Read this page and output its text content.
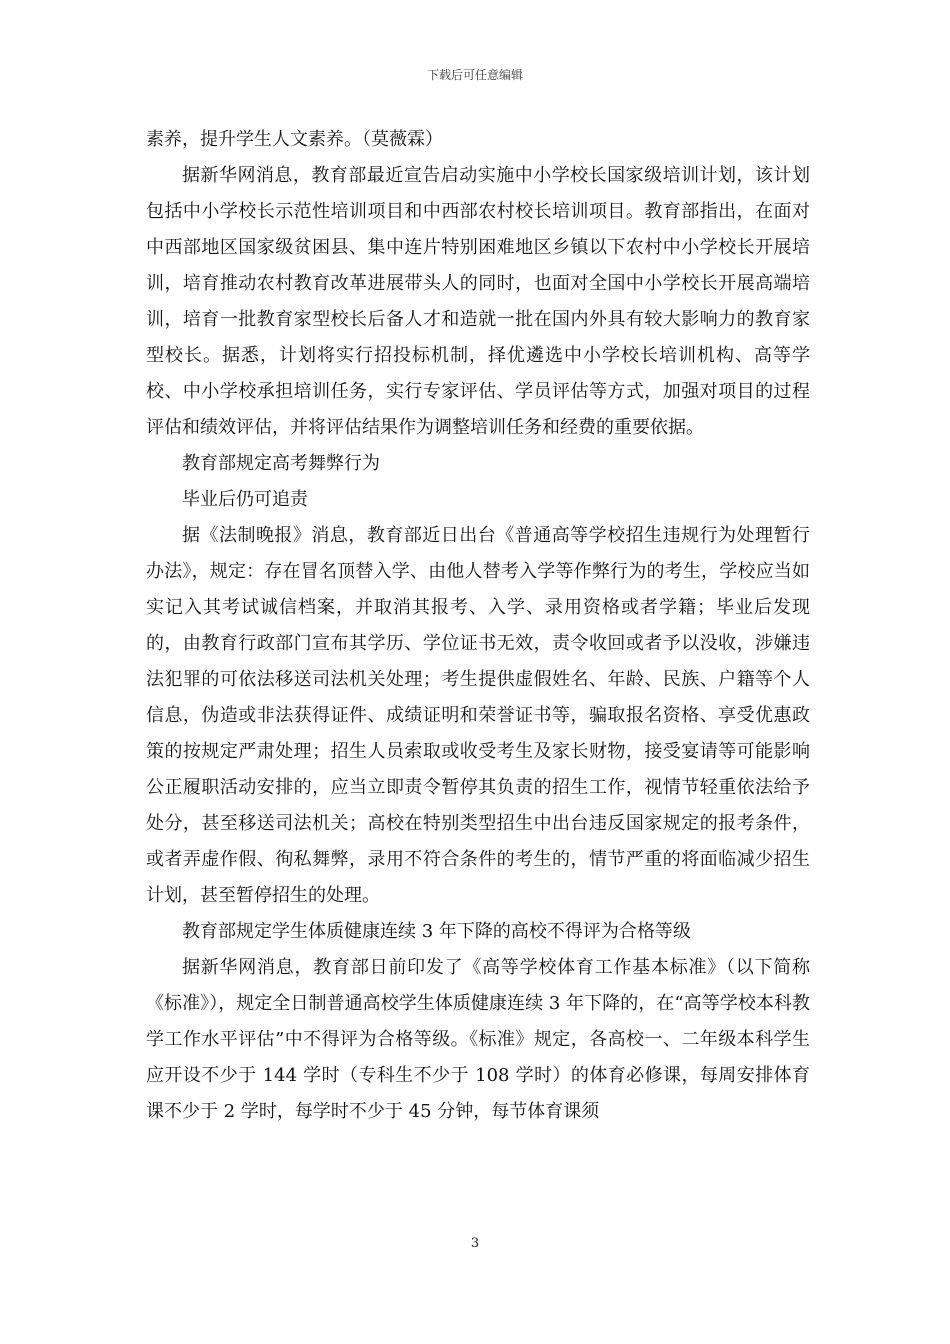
下载后可任意编辑

素养，提升学生人文素养。（莫薇霖）

据新华网消息，教育部最近宣告启动实施中小学校长国家级培训计划，该计划包括中小学校长示范性培训项目和中西部农村校长培训项目。教育部指出，在面对中西部地区国家级贫困县、集中连片特别困难地区乡镇以下农村中小学校长开展培训，培育推动农村教育改革进展带头人的同时，也面对全国中小学校长开展高端培训，培育一批教育家型校长后备人才和造就一批在国内外具有较大影响力的教育家型校长。据悉，计划将实行招投标机制，择优遴选中小学校长培训机构、高等学校、中小学校承担培训任务，实行专家评估、学员评估等方式，加强对项目的过程评估和绩效评估，并将评估结果作为调整培训任务和经费的重要依据。

教育部规定高考舞弊行为

毕业后仍可追责

据《法制晚报》消息，教育部近日出台《普通高等学校招生违规行为处理暂行办法》，规定：存在冒名顶替入学、由他人替考入学等作弊行为的考生，学校应当如实记入其考试诚信档案，并取消其报考、入学、录用资格或者学籍；毕业后发现的，由教育行政部门宣布其学历、学位证书无效，责令收回或者予以没收，涉嫌违法犯罪的可依法移送司法机关处理；考生提供虚假姓名、年龄、民族、户籍等个人信息，伪造或非法获得证件、成绩证明和荣誉证书等，骗取报名资格、享受优惠政策的按规定严肃处理；招生人员索取或收受考生及家长财物，接受宴请等可能影响公正履职活动安排的，应当立即责令暂停其负责的招生工作，视情节轻重依法给予处分，甚至移送司法机关；高校在特别类型招生中出台违反国家规定的报考条件，或者弄虚作假、徇私舞弊，录用不符合条件的考生的，情节严重的将面临减少招生计划，甚至暂停招生的处理。

教育部规定学生体质健康连续 3 年下降的高校不得评为合格等级

据新华网消息，教育部日前印发了《高等学校体育工作基本标准》（以下简称《标准》），规定全日制普通高校学生体质健康连续 3 年下降的，在“高等学校本科教学工作水平评估”中不得评为合格等级。《标准》规定，各高校一、二年级本科学生应开设不少于 144 学时（专科生不少于 108 学时）的体育必修课，每周安排体育课不少于 2 学时，每学时不少于 45 分钟，每节体育课须

3
